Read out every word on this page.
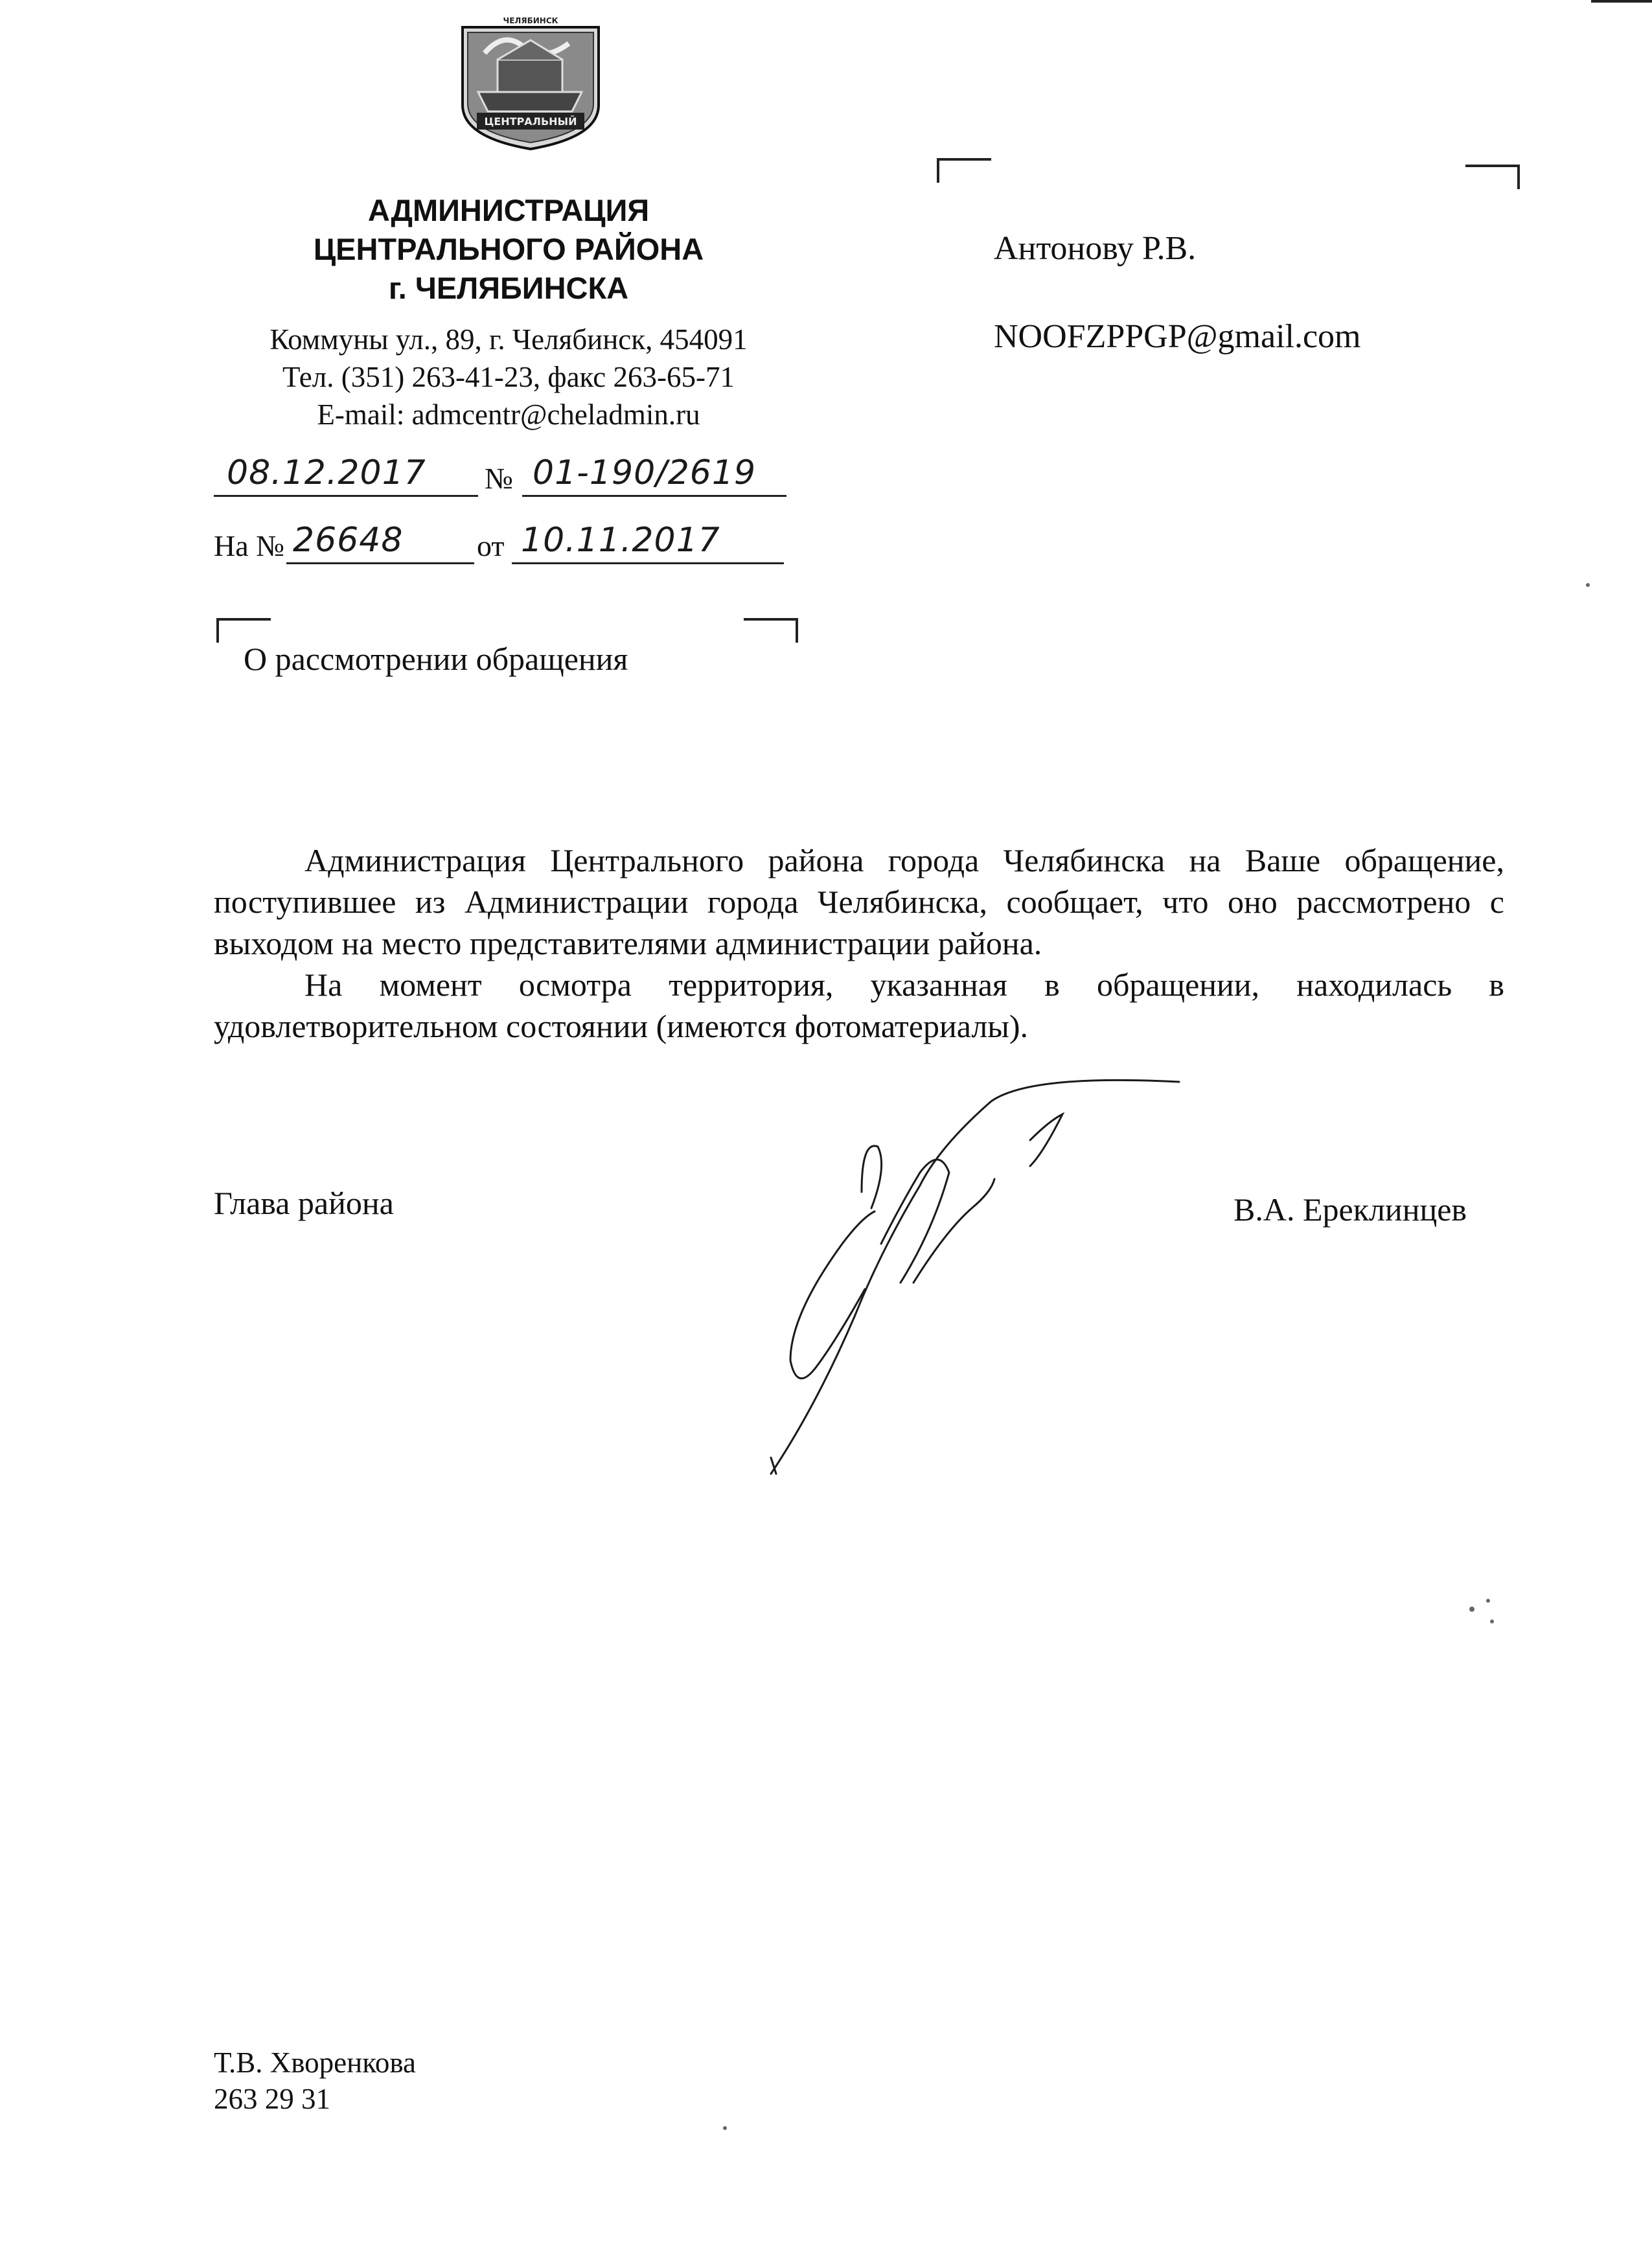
ЧЕЛЯБИНСК
ЦЕНТРАЛЬНЫЙ
АДМИНИСТРАЦИЯ
ЦЕНТРАЛЬНОГО РАЙОНА
г. ЧЕЛЯБИНСКА
Коммуны ул., 89, г. Челябинск, 454091
Тел. (351) 263-41-23, факс 263-65-71
E-mail: admcentr@cheladmin.ru
08.12.2017 № 01-190/2619
На № 26648 от 10.11.2017
Антонову Р.В.
NOOFZPPGP@gmail.com
О рассмотрении обращения

Администрация Центрального района города Челябинска на Ваше обращение, поступившее из Администрации города Челябинска, сообщает, что оно рассмотрено с выходом на место представителями администрации района.

На момент осмотра территория, указанная в обращении, находилась в удовлетворительном состоянии (имеются фотоматериалы).

Глава района	В.А. Ереклинцев
Т.В. Хворенкова
263 29 31
